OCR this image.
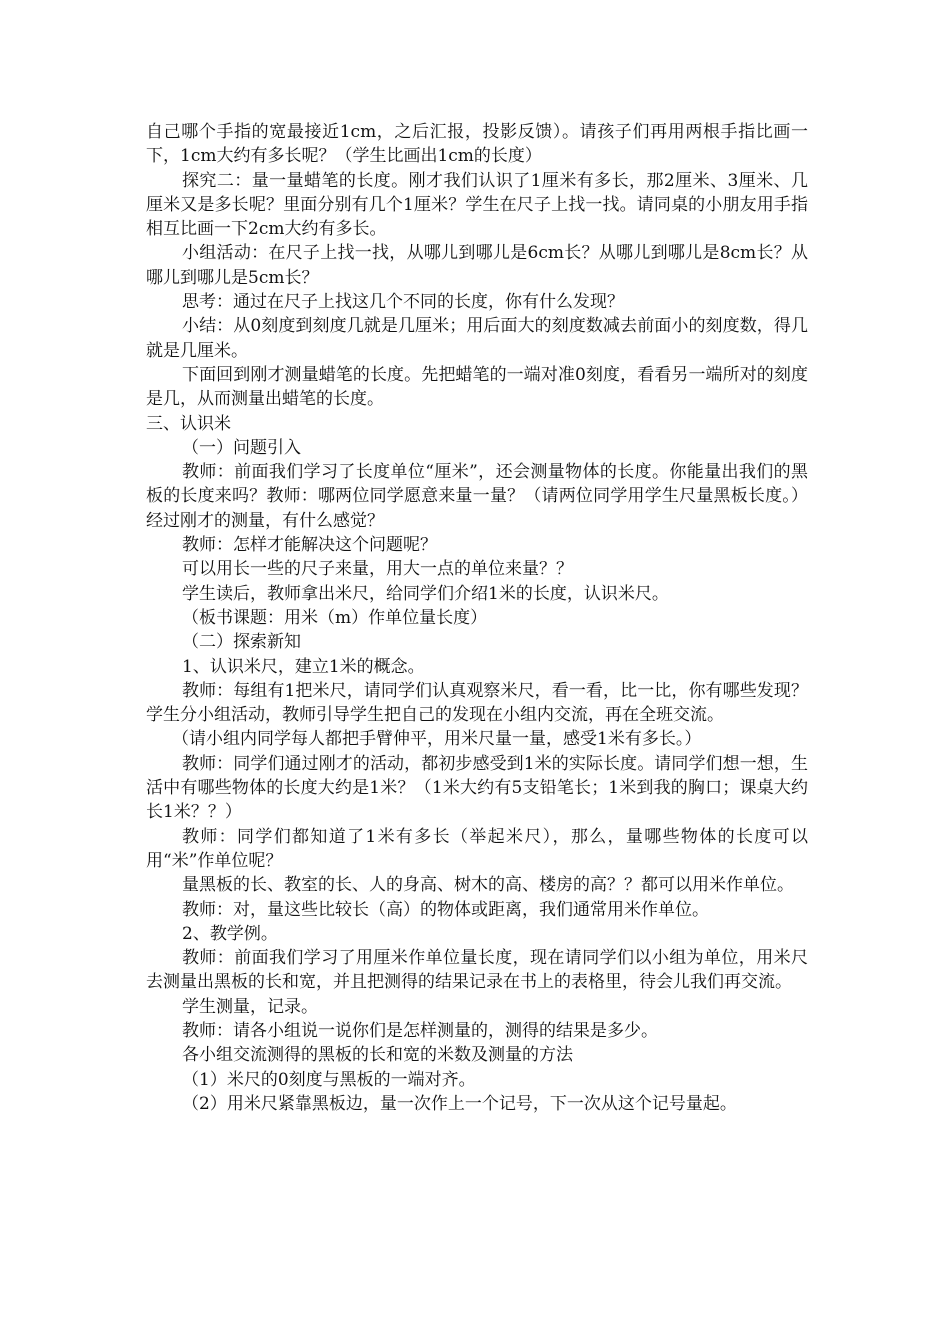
自己哪个手指的宽最接近1cm，之后汇报，投影反馈）。请孩子们再用两根手指比画一下，1cm大约有多长呢？（学生比画出1cm的长度）

探究二：量一量蜡笔的长度。刚才我们认识了1厘米有多长，那2厘米、3厘米、几厘米又是多长呢？里面分别有几个1厘米？学生在尺子上找一找。请同桌的小朋友用手指相互比画一下2cm大约有多长。

小组活动：在尺子上找一找，从哪儿到哪儿是6cm长？从哪儿到哪儿是8cm长？从哪儿到哪儿是5cm长？

思考：通过在尺子上找这几个不同的长度，你有什么发现？

小结：从0刻度到刻度几就是几厘米；用后面大的刻度数减去前面小的刻度数，得几就是几厘米。

下面回到刚才测量蜡笔的长度。先把蜡笔的一端对准0刻度，看看另一端所对的刻度是几，从而测量出蜡笔的长度。

三、认识米

（一）问题引入

教师：前面我们学习了长度单位“厘米”，还会测量物体的长度。你能量出我们的黑板的长度来吗？教师：哪两位同学愿意来量一量？（请两位同学用学生尺量黑板长度。）经过刚才的测量，有什么感觉？

教师：怎样才能解决这个问题呢？

可以用长一些的尺子来量，用大一点的单位来量？？

学生读后，教师拿出米尺，给同学们介绍1米的长度，认识米尺。

（板书课题：用米（m）作单位量长度）

（二）探索新知

1、认识米尺，建立1米的概念。

教师：每组有1把米尺，请同学们认真观察米尺，看一看，比一比，你有哪些发现？学生分小组活动，教师引导学生把自己的发现在小组内交流，再在全班交流。

（请小组内同学每人都把手臂伸平，用米尺量一量，感受1米有多长。）

教师：同学们通过刚才的活动，都初步感受到1米的实际长度。请同学们想一想，生活中有哪些物体的长度大约是1米？（1米大约有5支铅笔长；1米到我的胸口；课桌大约长1米？？）

教师：同学们都知道了1米有多长（举起米尺），那么，量哪些物体的长度可以用“米”作单位呢？

量黑板的长、教室的长、人的身高、树木的高、楼房的高？？都可以用米作单位。

教师：对，量这些比较长（高）的物体或距离，我们通常用米作单位。

2、教学例。

教师：前面我们学习了用厘米作单位量长度，现在请同学们以小组为单位，用米尺去测量出黑板的长和宽，并且把测得的结果记录在书上的表格里，待会儿我们再交流。

学生测量，记录。

教师：请各小组说一说你们是怎样测量的，测得的结果是多少。

各小组交流测得的黑板的长和宽的米数及测量的方法

（1）米尺的0刻度与黑板的一端对齐。

（2）用米尺紧靠黑板边，量一次作上一个记号，下一次从这个记号量起。
